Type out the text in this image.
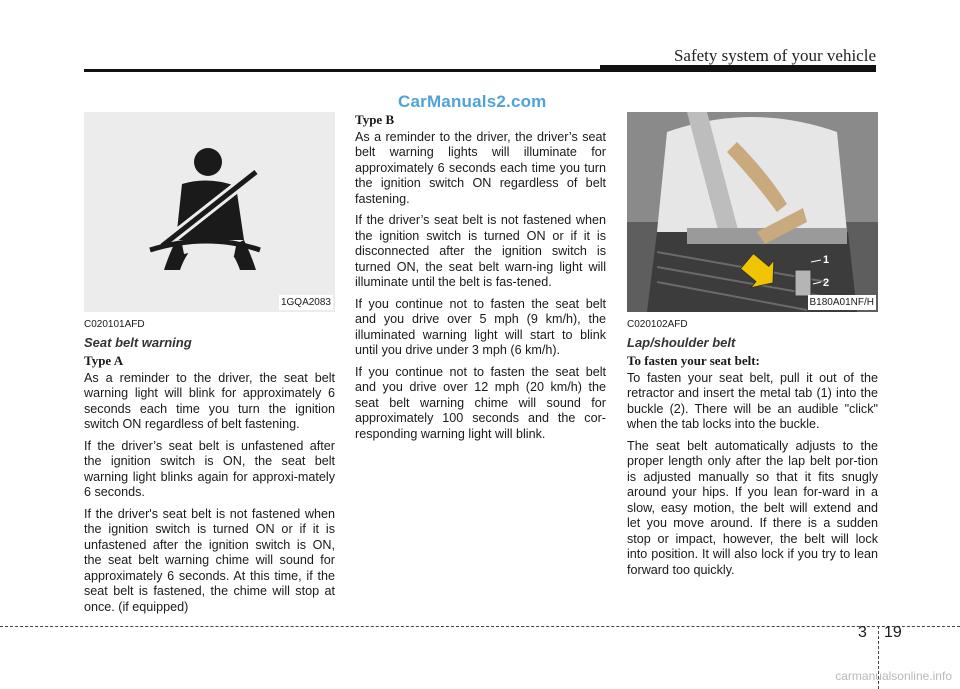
Safety system of your vehicle
CarManuals2.com
1GQA2083
C020101AFD
Seat belt warning
Type A

As a reminder to the driver, the seat belt warning light will blink for approximately 6 seconds each time you turn the ignition switch ON regardless of belt fastening.

If the driver’s seat belt is unfastened after the ignition switch is ON, the seat belt warning light blinks again for approxi-mately 6 seconds.

If the driver's seat belt is not fastened when the ignition switch is turned ON or if it is unfastened after the ignition switch is ON, the seat belt warning chime will sound for approximately 6 seconds. At this time, if the seat belt is fastened, the chime will stop at once. (if equipped)

Type B

As a reminder to the driver, the driver’s seat belt warning lights will illuminate for approximately 6 seconds each time you turn the ignition switch ON regardless of belt fastening.

If the driver’s seat belt is not fastened when the ignition switch is turned ON or if it is disconnected after the ignition switch is turned ON, the seat belt warn-ing light will illuminate until the belt is fas-tened.

If you continue not to fasten the seat belt and you drive over 5 mph (9 km/h), the illuminated warning light will start to blink until you drive under 3 mph (6 km/h).

If you continue not to fasten the seat belt and you drive over 12 mph (20 km/h) the seat belt warning chime will sound for approximately 100 seconds and the cor-responding warning light will blink.

1
2
B180A01NF/H
C020102AFD
Lap/shoulder belt
To fasten your seat belt:

To fasten your seat belt, pull it out of the retractor and insert the metal tab (1) into the buckle (2). There will be an audible "click" when the tab locks into the buckle.

The seat belt automatically adjusts to the proper length only after the lap belt por-tion is adjusted manually so that it fits snugly around your hips. If you lean for-ward in a slow, easy motion, the belt will extend and let you move around. If there is a sudden stop or impact, however, the belt will lock into position. It will also lock if you try to lean forward too quickly.

3 19
carmanualsonline.info
